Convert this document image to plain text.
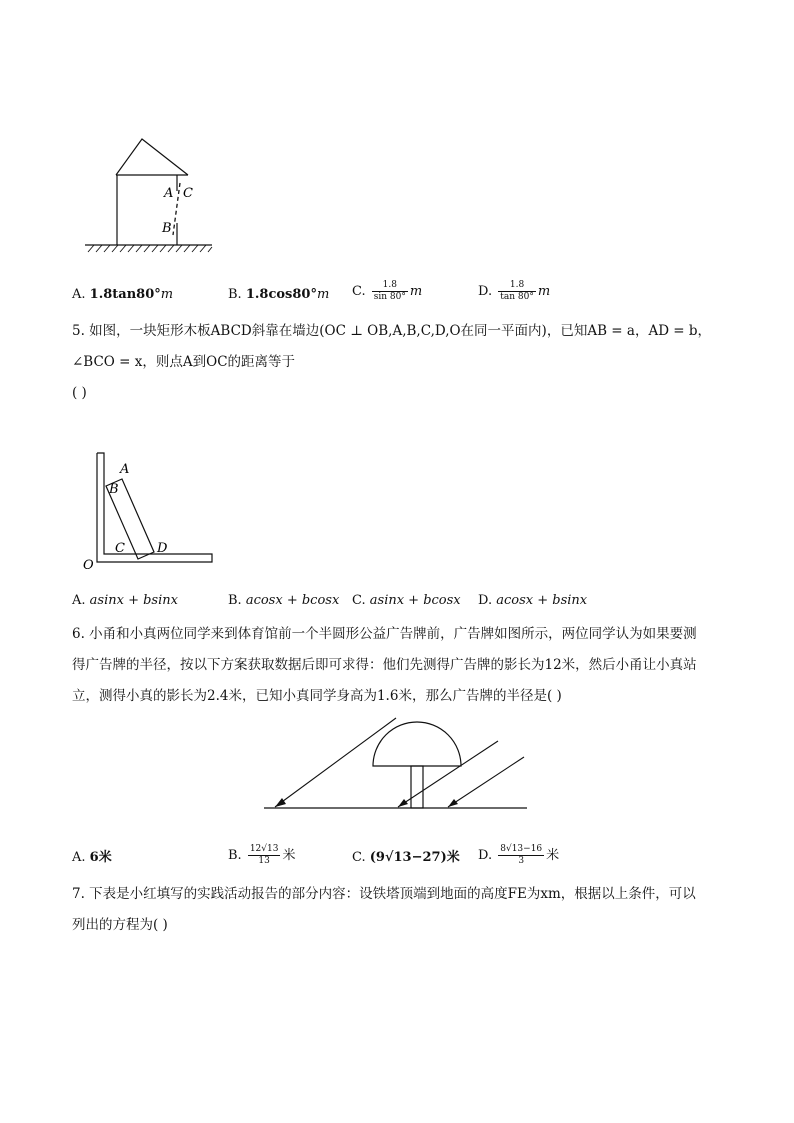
A C
B
A. 1.8tan80°m	B. 1.8cos80°m C. $\frac{1.8}{\sin 80^\circ}$ m	D. $\frac{1.8}{\tan 80^\circ}$ m
5. 如图，一块矩形木板ABCD斜靠在墙边(OC ⊥ OB,A,B,C,D,O在同一平面内)，已知AB = a，AD = b，
∠BCO = x，则点A到OC的距离等于
( )
A
B
C D
O
A. asinx + bsinx	B. acosx + bcosx C. asinx + bcosx D. acosx + bsinx
6. 小甬和小真两位同学来到体育馆前一个半圆形公益广告牌前，广告牌如图所示，两位同学认为如果要测
得广告牌的半径，按以下方案获取数据后即可求得：他们先测得广告牌的影长为12米，然后小甬让小真站
立，测得小真的影长为2.4米，已知小真同学身高为1.6米，那么广告牌的半径是( )
A. 6米	B. $\frac{12√13}{13}$ 米	C. (9√13−27)米 D. $\frac{8√13-16}{3}$ 米
7. 下表是小红填写的实践活动报告的部分内容：设铁塔顶端到地面的高度FE为xm，根据以上条件，可以
列出的方程为( )
